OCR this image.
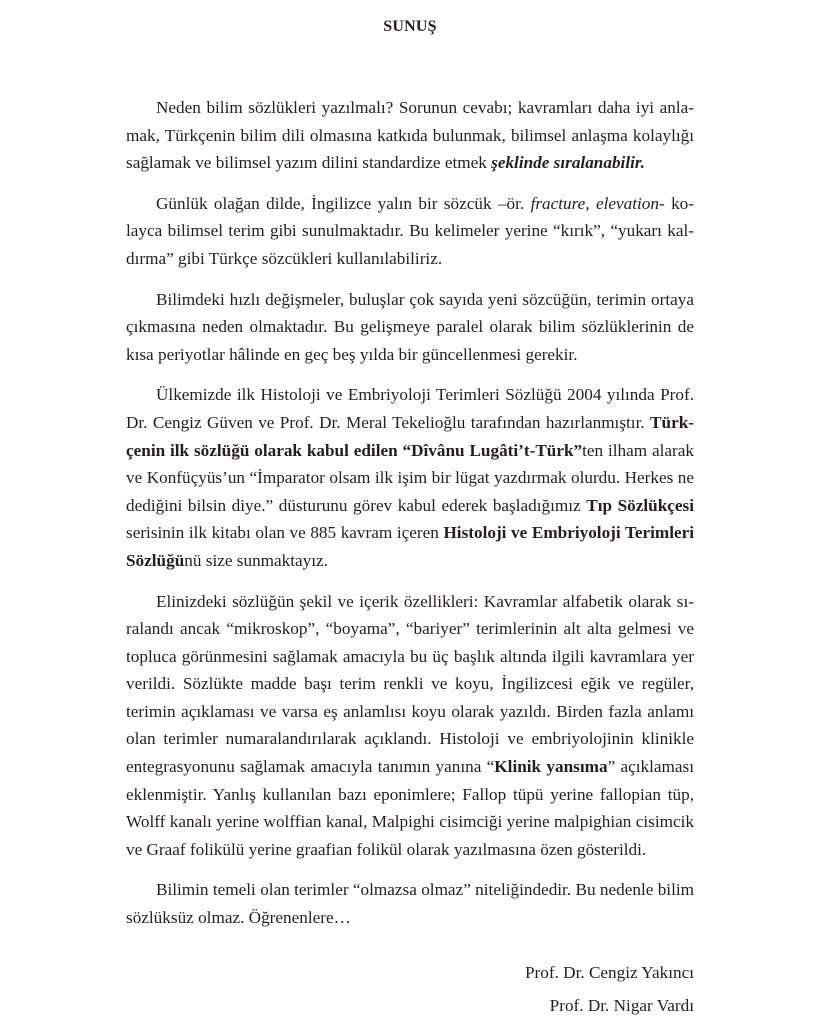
SUNUŞ

Neden bilim sözlükleri yazılmalı? Sorunun cevabı; kavramları daha iyi anlamak, Türkçenin bilim dili olmasına katkıda bulunmak, bilimsel anlaşma kolaylığı sağlamak ve bilimsel yazım dilini standardize etmek şeklinde sıralanabilir.

Günlük olağan dilde, İngilizce yalın bir sözcük –ör. fracture, elevation- kolayca bilimsel terim gibi sunulmaktadır. Bu kelimeler yerine “kırık”, “yukarı kaldırma” gibi Türkçe sözcükleri kullanılabiliriz.

Bilimdeki hızlı değişmeler, buluşlar çok sayıda yeni sözcüğün, terimin ortaya çıkmasına neden olmaktadır. Bu gelişmeye paralel olarak bilim sözlüklerinin de kısa periyotlar hâlinde en geç beş yılda bir güncellenmesi gerekir.

Ülkemizde ilk Histoloji ve Embriyoloji Terimleri Sözlüğü 2004 yılında Prof. Dr. Cengiz Güven ve Prof. Dr. Meral Tekelioğlu tarafından hazırlanmıştır. Türkçenin ilk sözlüğü olarak kabul edilen “Dîvânu Lugâti’t-Türk”ten ilham alarak ve Konfüçyüs’un “İmparator olsam ilk işim bir lügat yazdırmak olurdu. Herkes ne dediğini bilsin diye.” düsturunu görev kabul ederek başladığımız Tıp Sözlükçesi serisinin ilk kitabı olan ve 885 kavram içeren Histoloji ve Embriyoloji Terimleri Sözlüğünü size sunmaktayız.

Elinizdeki sözlüğün şekil ve içerik özellikleri: Kavramlar alfabetik olarak sıralandı ancak “mikroskop”, “boyama”, “bariyer” terimlerinin alt alta gelmesi ve topluca görünmesini sağlamak amacıyla bu üç başlık altında ilgili kavramlara yer verildi. Sözlükte madde başı terim renkli ve koyu, İngilizcesi eğik ve regüler, terimin açıklaması ve varsa eş anlamlısı koyu olarak yazıldı. Birden fazla anlamı olan terimler numaralandırılarak açıklandı. Histoloji ve embriyolojinin klinikle entegrasyonunu sağlamak amacıyla tanımın yanına “Klinik yansıma” açıklaması eklenmiştir. Yanlış kullanılan bazı eponimlere; Fallop tüpü yerine fallopian tüp, Wolff kanalı yerine wolffian kanal, Malpighi cisimciği yerine malpighian cisimcik ve Graaf folikülü yerine graafian folikül olarak yazılmasına özen gösterildi.

Bilimin temeli olan terimler “olmazsa olmaz” niteliğindedir. Bu nedenle bilim sözlüksüz olmaz. Öğrenenlere…

Prof. Dr. Cengiz Yakıncı

Prof. Dr. Nigar Vardı
